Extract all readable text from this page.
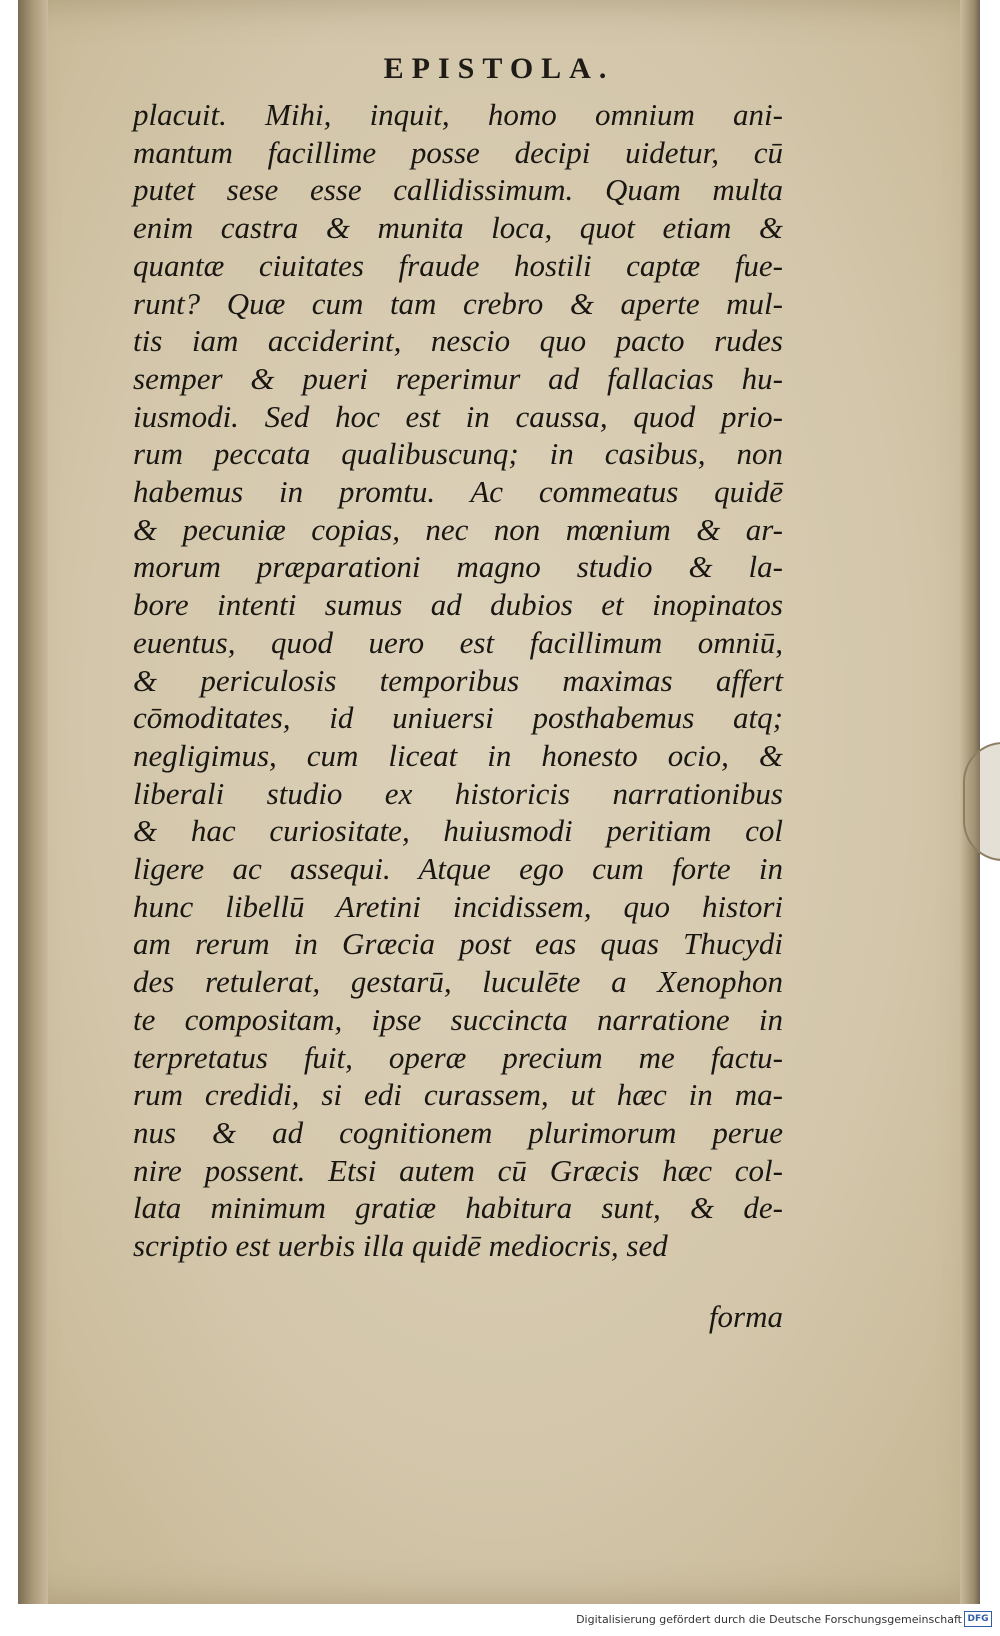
EPISTOLA.
placuit. Mihi, inquit, homo omnium ani-
mantum facillime posse decipi uidetur, cū
putet sese esse callidissimum. Quam multa
enim castra & munita loca, quot etiam &
quantæ ciuitates fraude hostili captæ fue-
runt? Quæ cum tam crebro & aperte mul-
tis iam acciderint, nescio quo pacto rudes
semper & pueri reperimur ad fallacias hu-
iusmodi. Sed hoc est in caussa, quod prio-
rum peccata qualibuscunq; in casibus, non
habemus in promtu. Ac commeatus quidē
& pecuniæ copias, nec non mœnium & ar-
morum præparationi magno studio & la-
bore intenti sumus ad dubios et inopinatos
euentus, quod uero est facillimum omniū,
& periculosis temporibus maximas affert
cōmoditates, id uniuersi posthabemus atq;
negligimus, cum liceat in honesto ocio, &
liberali studio ex historicis narrationibus
& hac curiositate, huiusmodi peritiam col
ligere ac assequi. Atque ego cum forte in
hunc libellū Aretini incidissem, quo histori
am rerum in Græcia post eas quas Thucydi
des retulerat, gestarū, luculēte a Xenophon
te compositam, ipse succincta narratione in
terpretatus fuit, operæ precium me factu-
rum credidi, si edi curassem, ut hæc in ma-
nus & ad cognitionem plurimorum perue
nire possent. Etsi autem cū Græcis hæc col-
lata minimum gratiæ habitura sunt, & de-
scriptio est uerbis illa quidē mediocris, sed

forma

Digitalisierung gefördert durch die Deutsche Forschungsgemeinschaft DFG
